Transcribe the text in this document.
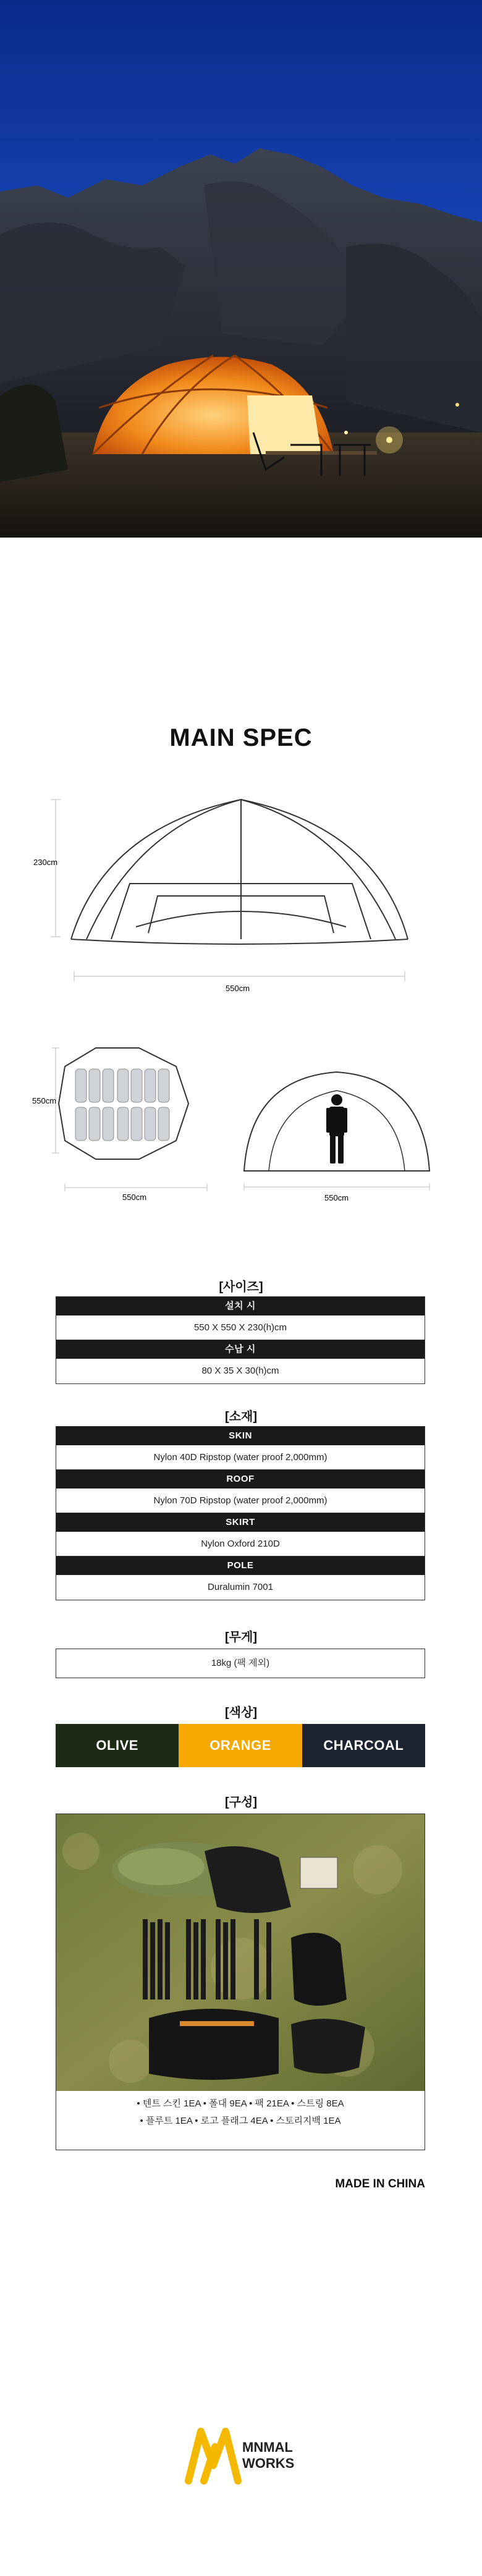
MAIN SPEC
230cm
550cm
550cm
550cm	550cm
[사이즈]
설치 시
550 X 550 X 230(h)cm
수납 시
80 X 35 X 30(h)cm
[소재]
SKIN
Nylon 40D Ripstop (water proof 2,000mm)
ROOF
Nylon 70D Ripstop (water proof 2,000mm)
SKIRT
Nylon Oxford 210D
POLE
Duralumin 7001
[무게]
18kg (팩 제외)
[색상]
OLIVE	ORANGE	CHARCOAL
[구성]
• 텐트 스킨 1EA • 폴대 9EA • 팩 21EA • 스트링 8EA
• 플루트 1EA • 로고 플래그 4EA • 스토리지백 1EA
MADE IN CHINA
MNMAL
WORKS
